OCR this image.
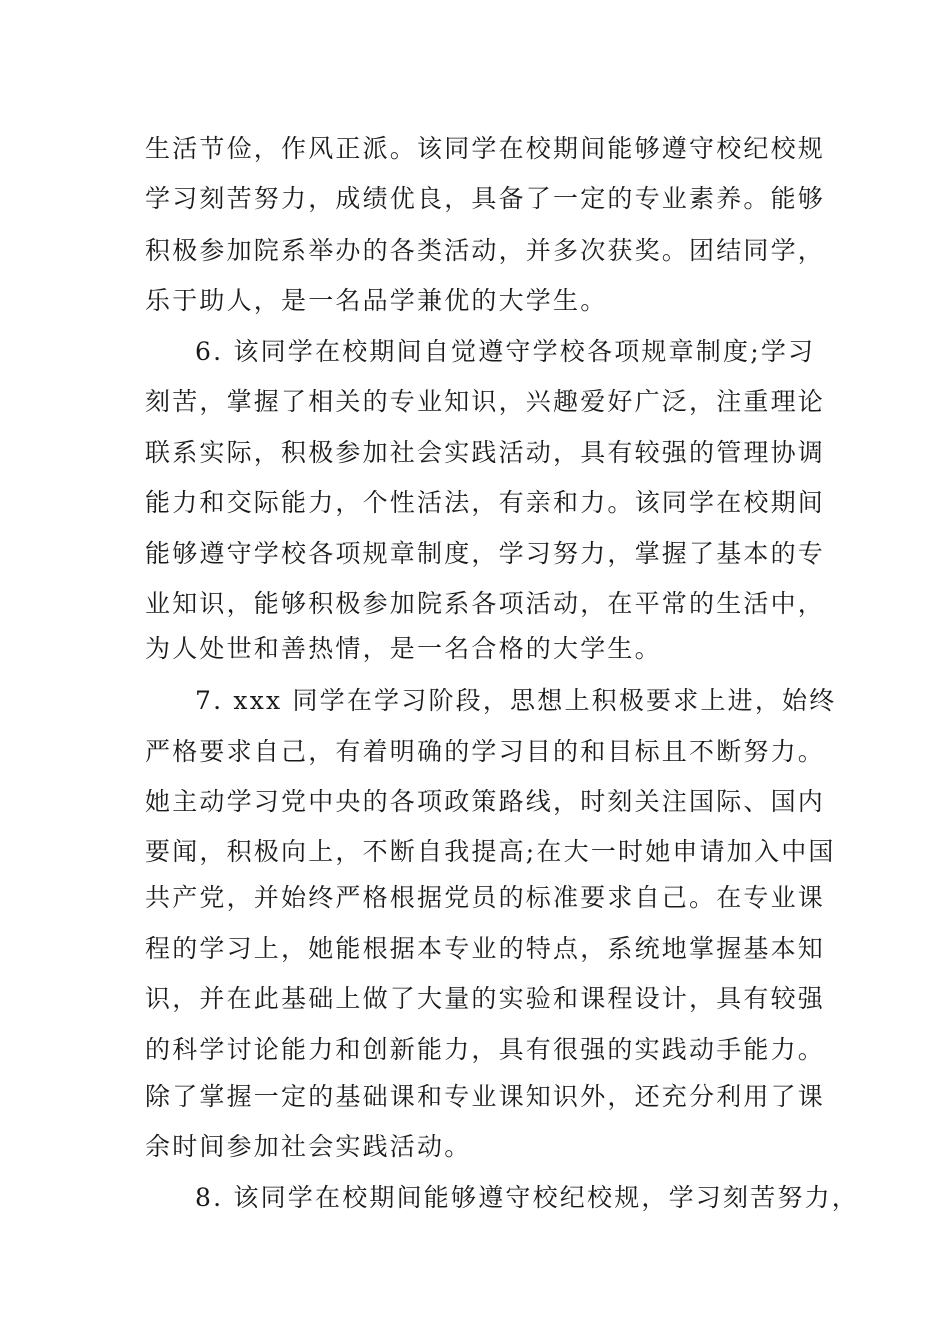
生活节俭，作风正派。该同学在校期间能够遵守校纪校规
学习刻苦努力，成绩优良，具备了一定的专业素养。能够
积极参加院系举办的各类活动，并多次获奖。团结同学，
乐于助人，是一名品学兼优的大学生。
6. 该同学在校期间自觉遵守学校各项规章制度;学习
刻苦，掌握了相关的专业知识，兴趣爱好广泛，注重理论
联系实际，积极参加社会实践活动，具有较强的管理协调
能力和交际能力，个性活法，有亲和力。该同学在校期间
能够遵守学校各项规章制度，学习努力，掌握了基本的专
业知识，能够积极参加院系各项活动，在平常的生活中，
为人处世和善热情，是一名合格的大学生。
7. xxx 同学在学习阶段，思想上积极要求上进，始终
严格要求自己，有着明确的学习目的和目标且不断努力。
她主动学习党中央的各项政策路线，时刻关注国际、国内
要闻，积极向上，不断自我提高;在大一时她申请加入中国
共产党，并始终严格根据党员的标准要求自己。在专业课
程的学习上，她能根据本专业的特点，系统地掌握基本知
识，并在此基础上做了大量的实验和课程设计，具有较强
的科学讨论能力和创新能力，具有很强的实践动手能力。
除了掌握一定的基础课和专业课知识外，还充分利用了课
余时间参加社会实践活动。
8. 该同学在校期间能够遵守校纪校规，学习刻苦努力，
